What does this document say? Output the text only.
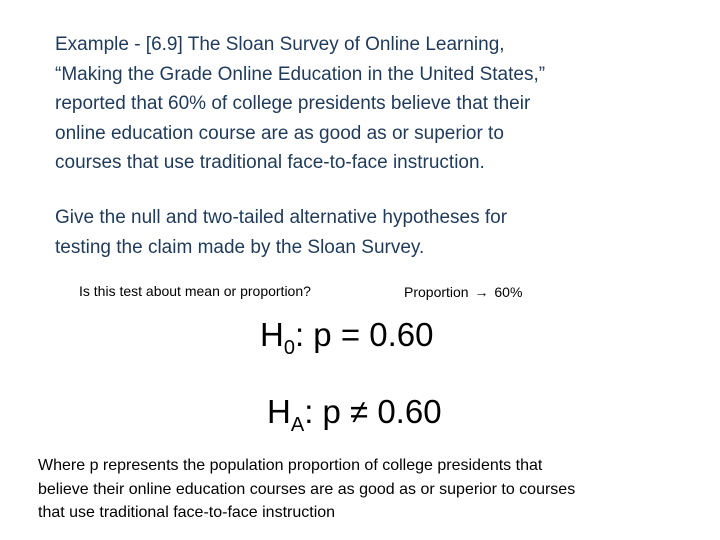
Example - [6.9] The Sloan Survey of Online Learning,

“Making the Grade Online Education in the United States,”

reported that 60% of college presidents believe that their

online education course are as good as or superior to

courses that use traditional face-to-face instruction.

Give the null and two-tailed alternative hypotheses for

testing the claim made by the Sloan Survey.

Is this test about mean or proportion?	Proportion → 60%
$H_0$: p = 0.60
$H_A$: p ≠ 0.60

Where p represents the population proportion of college presidents that

believe their online education courses are as good as or superior to courses

that use traditional face-to-face instruction
